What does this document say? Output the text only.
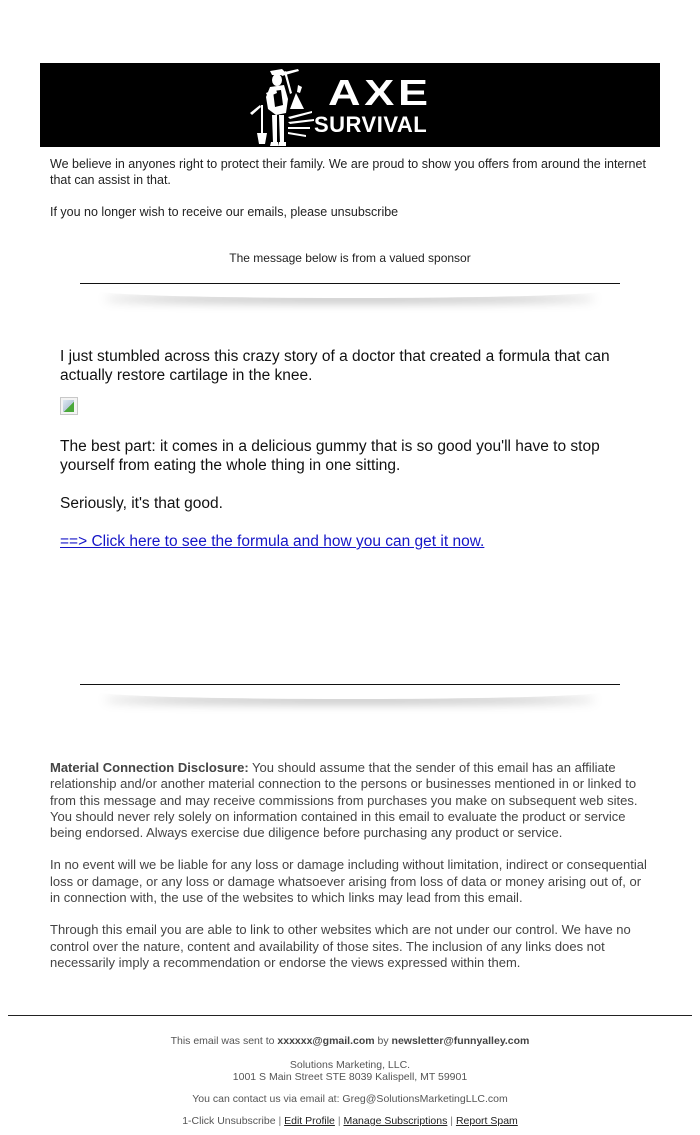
AXE
SURVIVAL

We believe in anyones right to protect their family. We are proud to show you offers from around the internet that can assist in that.

If you no longer wish to receive our emails, please unsubscribe

The message below is from a valued sponsor

I just stumbled across this crazy story of a doctor that created a formula that can actually restore cartilage in the knee.

The best part: it comes in a delicious gummy that is so good you'll have to stop yourself from eating the whole thing in one sitting.

Seriously, it's that good.

==> Click here to see the formula and how you can get it now.

Material Connection Disclosure: You should assume that the sender of this email has an affiliate relationship and/or another material connection to the persons or businesses mentioned in or linked to from this message and may receive commissions from purchases you make on subsequent web sites. You should never rely solely on information contained in this email to evaluate the product or service being endorsed. Always exercise due diligence before purchasing any product or service.

In no event will we be liable for any loss or damage including without limitation, indirect or consequential loss or damage, or any loss or damage whatsoever arising from loss of data or money arising out of, or in connection with, the use of the websites to which links may lead from this email.

Through this email you are able to link to other websites which are not under our control. We have no control over the nature, content and availability of those sites. The inclusion of any links does not necessarily imply a recommendation or endorse the views expressed within them.

This email was sent to xxxxxx@gmail.com by newsletter@funnyalley.com

Solutions Marketing, LLC.

1001 S Main Street STE 8039 Kalispell, MT 59901

You can contact us via email at: Greg@SolutionsMarketingLLC.com

1-Click Unsubscribe | Edit Profile | Manage Subscriptions | Report Spam
